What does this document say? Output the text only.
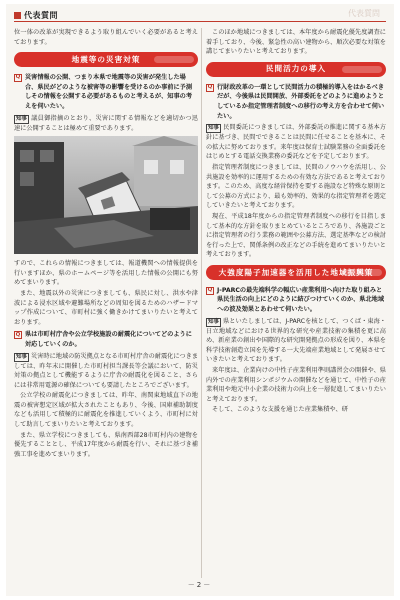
代表質問	代表質問
位一体の改革が実現できるよう取り組んでいく必要があると考えております。
地震等の災害対策
Q 災害情報の公開、つまり本県で地震等の災害が発生した場合、県民がどのような被害等の影響を受けるのか事前に予測しその情報を公開する必要があるものと考えるが、知事の考えを伺いたい。
知事 議員御指摘のとおり、災害に関する情報などを適切かつ迅速に公開することは極めて重要であります。
すので、これらの情報につきましては、報道機関への情報提供を行いますほか、県のホームページ等を活用した情報の公開にも努めてまいります。
また、地震以外の災害につきましても、県民に対し、洪水や津波による浸水区域や避難場所などの周知を図るためのハザードマップ作成について、市町村に強く働きかけてまいりたいと考えております。
Q 県は市町村庁舎や公立学校施設の耐震化についてどのように対応していくのか。
知事 災害時に地域の防災拠点となる市町村庁舎の耐震化につきましては、昨年末に開催した市町村担当課長等会議において、防災対策の拠点として機能するように庁舎の耐震化を図ること、さらには非常用電源の確保についても要請したところでございます。
公立学校の耐震化につきましては、昨年、南関東地域直下の地震の被害想定区域が拡大されたこともあり、今後、国庫補助制度なども活用して積極的に耐震化を推進していくよう、市町村に対して助言してまいりたいと考えております。
また、県立学校につきましても、県南西部28市町村内の建物を優先することとし、平成17年度から耐震を行い、それに基づき補強工事を進めてまいります。
このほか地域につきましては、本年度から耐震化優先度調査に着手しており、今後、緊急性の高い建物から、順次必要な対策を講じてまいりたいと考えております。
民間活力の導入
Q 行財政改革の一環として民間活力の積極的導入をはかるべきだが、今後県は民間開放、外部委託をどのように進めようとしているか指定管理者制度への移行の考え方を合わせて伺いたい。
知事 民間委託につきましては、外部委託の推進に関する基本方針に基づき、民間でできることは民間に任せることを基本に、その拡大に努めております。来年度は保育士試験業務の全面委託をはじめとする電話交換業務の委託などを予定しております。
指定管理者制度につきましては、民間のノウハウを活用し、公共施設を効率的に運用するための有効な方法であると考えております。このため、高度な経営保持を要する施設など特殊な原則として公募の方式により、最も効率的、効果的な指定管理者を選定していきたいと考えております。
現在、平成18年度からの指定管理者制度への移行を目指しまして基本的な方針を取りまとめているところであり、各施設ごとに指定管理者の行う業務の範囲や公募方法、選定基準などの検討を行った上で、関係条例の改正などの手続を進めてまいりたいと考えております。
大強度陽子加速器を活用した地域振興策
Q J-PARCの最先端科学の幅広い産業利用へ向けた取り組みと県民生活の向上にどのように結びつけていくのか、県北地域への波及効果とあわせて伺いたい。
知事 県といたしましては、J-PARCを核として、つくば・東海・日立地域などにおける世界的な研究や産業技術の集積を更に高め、新産業の創出や国際的な研究開発拠点の形成を図り、本県を科学技術創造立国を先導する一大先端産業地域として発展させていきたいと考えております。
来年度は、企業向けの中性子産業利用準則講習会の開催や、県内外での産業利用シンポジウムの開催などを通じて、中性子の産業利用や地元中小企業の技術力の向上を一層促進してまいりたいと考えております。
そして、このような支援を通じた産業集積や、研
－2－
